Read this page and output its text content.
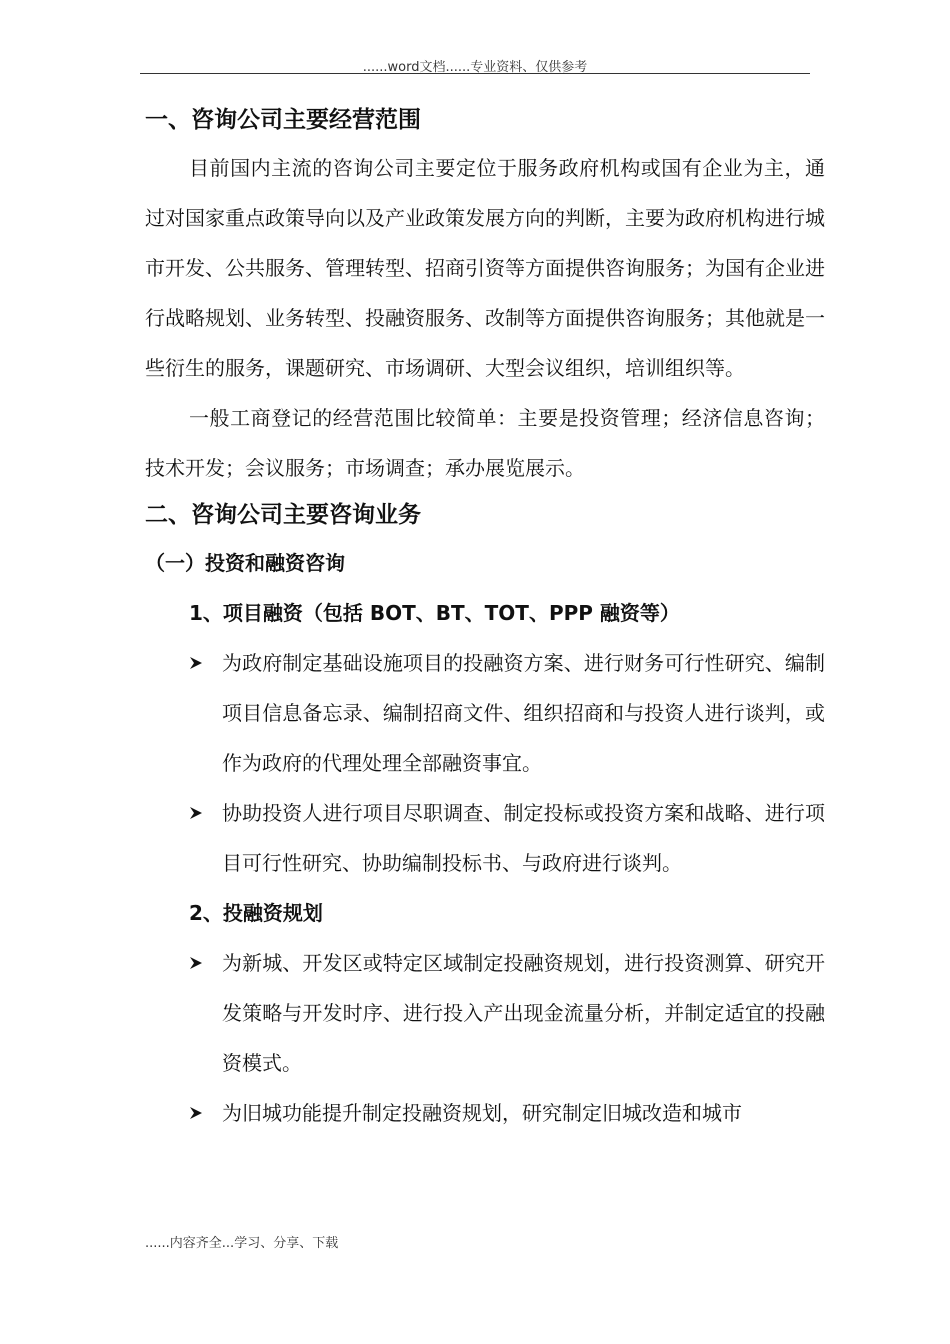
......word文档......专业资料、仅供参考
一、咨询公司主要经营范围

目前国内主流的咨询公司主要定位于服务政府机构或国有企业为主，通过对国家重点政策导向以及产业政策发展方向的判断，主要为政府机构进行城市开发、公共服务、管理转型、招商引资等方面提供咨询服务；为国有企业进行战略规划、业务转型、投融资服务、改制等方面提供咨询服务；其他就是一些衍生的服务，课题研究、市场调研、大型会议组织，培训组织等。

一般工商登记的经营范围比较简单：主要是投资管理；经济信息咨询；技术开发；会议服务；市场调查；承办展览展示。

二、咨询公司主要咨询业务
（一）投资和融资咨询
1、项目融资（包括 BOT、BT、TOT、PPP 融资等）
为政府制定基础设施项目的投融资方案、进行财务可行性研究、编制项目信息备忘录、编制招商文件、组织招商和与投资人进行谈判，或作为政府的代理处理全部融资事宜。
协助投资人进行项目尽职调查、制定投标或投资方案和战略、进行项目可行性研究、协助编制投标书、与政府进行谈判。
2、投融资规划
为新城、开发区或特定区域制定投融资规划，进行投资测算、研究开发策略与开发时序、进行投入产出现金流量分析，并制定适宜的投融资模式。
为旧城功能提升制定投融资规划，研究制定旧城改造和城市
......内容齐全...学习、分享、下载
